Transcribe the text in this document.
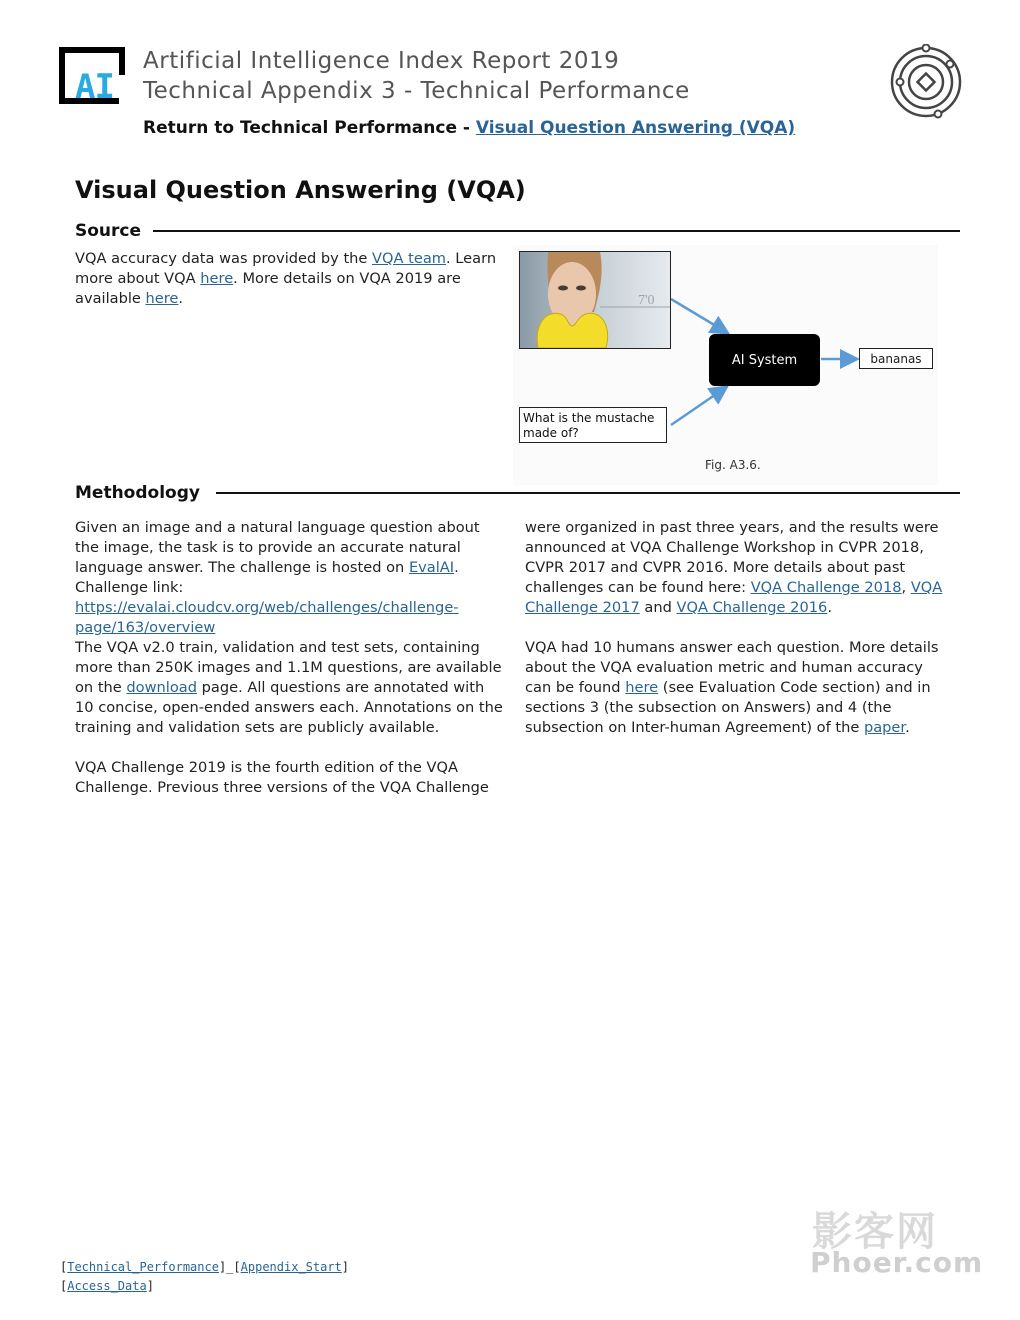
AI
Artificial Intelligence Index Report 2019
Technical Appendix 3 - Technical Performance
Return to Technical Performance - Visual Question Answering (VQA)
Visual Question Answering (VQA)
Source
VQA accuracy data was provided by the VQA team. Learn more about VQA here. More details on VQA 2019 are available here.	7'0
What is the mustache made of?
AI System	bananas
Fig. A3.6.
Methodology
Given an image and a natural language question about the image, the task is to provide an accurate natural language answer. The challenge is hosted on EvalAI. Challenge link: https://evalai.cloudcv.org/web/challenges/challenge-page/163/overview
The VQA v2.0 train, validation and test sets, containing more than 250K images and 1.1M questions, are available on the download page. All questions are annotated with 10 concise, open-ended answers each. Annotations on the training and validation sets are publicly available.
VQA Challenge 2019 is the fourth edition of the VQA Challenge. Previous three versions of the VQA Challenge
were organized in past three years, and the results were announced at VQA Challenge Workshop in CVPR 2018, CVPR 2017 and CVPR 2016. More details about past challenges can be found here: VQA Challenge 2018, VQA Challenge 2017 and VQA Challenge 2016.
VQA had 10 humans answer each question. More details about the VQA evaluation metric and human accuracy can be found here (see Evaluation Code section) and in sections 3 (the subsection on Answers) and 4 (the subsection on Inter-human Agreement) of the paper.
[Technical_Performance]_[Appendix_Start]
[Access_Data]
影客网
Phoer.com
